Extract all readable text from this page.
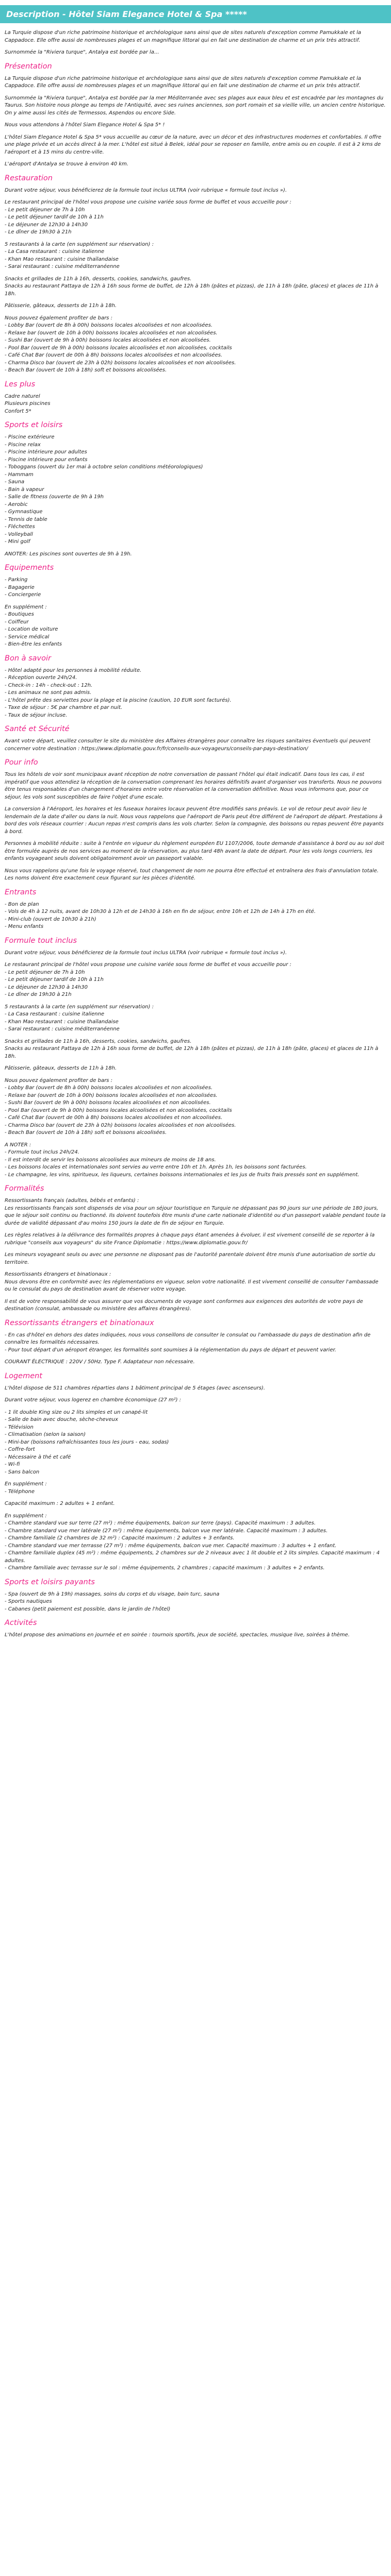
Description - Hôtel Siam Elegance Hotel & Spa *****

La Turquie dispose d'un riche patrimoine historique et archéologique sans ainsi que de sites naturels d'exception comme Pamukkale et la Cappadoce. Elle offre aussi de nombreuses plages et un magnifique littoral qui en fait une destination de charme et un prix très attractif.

Surnommée la "Riviera turque", Antalya est bordée par la...

Présentation

La Turquie dispose d'un riche patrimoine historique et archéologique sans ainsi que de sites naturels d'exception comme Pamukkale et la Cappadoce. Elle offre aussi de nombreuses plages et un magnifique littoral qui en fait une destination de charme et un prix très attractif.

Surnommée la "Riviera turque", Antalya est bordée par la mer Méditerranée avec ses plages aux eaux bleu et est encadrée par les montagnes du Taurus. Son histoire nous plonge au temps de l'Antiquité, avec ses ruines anciennes, son port romain et sa vieille ville, un ancien centre historique. On y aime aussi les cités de Termessos, Aspendos ou encore Side.

Nous vous attendons à l'hôtel Siam Elegance Hotel & Spa 5* !

L'hôtel Siam Elegance Hotel & Spa 5* vous accueille au cœur de la nature, avec un décor et des infrastructures modernes et confortables. Il offre une plage privée et un accès direct à la mer. L'hôtel est situé à Belek, idéal pour se reposer en famille, entre amis ou en couple. Il est à 2 kms de l'aéroport et à 15 mins du centre-ville.

L'aéroport d'Antalya se trouve à environ 40 km.

Restauration

Durant votre séjour, vous bénéficierez de la formule tout inclus ULTRA (voir rubrique « formule tout inclus »).

Le restaurant principal de l'hôtel vous propose une cuisine variée sous forme de buffet et vous accueille pour :
- Le petit déjeuner de 7h à 10h
- Le petit déjeuner tardif de 10h à 11h
- Le déjeuner de 12h30 à 14h30
- Le dîner de 19h30 à 21h

5 restaurants à la carte (en supplément sur réservation) :
- La Casa restaurant : cuisine italienne
- Khan Mao restaurant : cuisine thaïlandaise
- Sarai restaurant : cuisine méditerranéenne

Snacks et grillades de 11h à 16h, desserts, cookies, sandwichs, gaufres.
Snacks au restaurant Pattaya de 12h à 16h sous forme de buffet, de 12h à 18h (pâtes et pizzas), de 11h à 18h (pâte, glaces) et glaces de 11h à 18h.

Pâtisserie, gâteaux, desserts de 11h à 18h.

Nous pouvez également profiter de bars :
- Lobby Bar (ouvert de 8h à 00h) boissons locales alcoolisées et non alcoolisées.
- Relaxe bar (ouvert de 10h à 00h) boissons locales alcoolisées et non alcoolisées.
- Sushi Bar (ouvert de 9h à 00h) boissons locales alcoolisées et non alcoolisées.
- Pool Bar (ouvert de 9h à 00h) boissons locales alcoolisées et non alcoolisées, cocktails
- Café Chat Bar (ouvert de 00h à 8h) boissons locales alcoolisées et non alcoolisées.
- Charma Disco bar (ouvert de 23h à 02h) boissons locales alcoolisées et non alcoolisées.
- Beach Bar (ouvert de 10h à 18h) soft et boissons alcoolisées.

Les plus

Cadre naturel
Plusieurs piscines
Confort 5*

Sports et loisirs

- Piscine extérieure
- Piscine relax
- Piscine intérieure pour adultes
- Piscine intérieure pour enfants
- Toboggans (ouvert du 1er mai à octobre selon conditions météorologiques)
- Hammam
- Sauna
- Bain à vapeur
- Salle de fitness (ouverte de 9h à 19h
- Aerobic
- Gymnastique
- Tennis de table
- Fléchettes
- Volleyball
- Mini golf

ANOTER: Les piscines sont ouvertes de 9h à 19h.

Equipements

- Parking
- Bagagerie
- Conciergerie

En supplément :
- Boutiques
- Coiffeur
- Location de voiture
- Service médical
- Bien-être les enfants

Bon à savoir

- Hôtel adapté pour les personnes à mobilité réduite.
- Réception ouverte 24h/24.
- Check-in : 14h - check-out : 12h.
- Les animaux ne sont pas admis.
- L'hôtel prête des serviettes pour la plage et la piscine (caution, 10 EUR sont facturés).
- Taxe de séjour : 5€ par chambre et par nuit.
- Taux de séjour incluse.

Santé et Sécurité

Avant votre départ, veuillez consulter le site du ministère des Affaires étrangères pour connaître les risques sanitaires éventuels qui peuvent concerner votre destination : https://www.diplomatie.gouv.fr/fr/conseils-aux-voyageurs/conseils-par-pays-destination/

Pour info

Tous les hôtels de voir sont municipaux avant réception de notre conversation de passant l'hôtel qui était indicatif. Dans tous les cas, il est impératif que vous attendiez la réception de la conversation comprenant les horaires définitifs avant d'organiser vos transferts. Nous ne pouvons être tenus responsables d'un changement d'horaires entre votre réservation et la conversation définitive. Nous vous informons que, pour ce séjour, les vols sont susceptibles de faire l'objet d'une escale.

La conversion à l'Aéroport, les horaires et les fuseaux horaires locaux peuvent être modifiés sans préavis. Le vol de retour peut avoir lieu le lendemain de la date d'aller ou dans la nuit. Nous vous rappelons que l'aéroport de Paris peut être différent de l'aéroport de départ. Prestations à bord des vols réseaux courrier : Aucun repas n'est compris dans les vols charter. Selon la compagnie, des boissons ou repas peuvent être payants à bord.

Personnes à mobilité réduite : suite à l'entrée en vigueur du règlement européen EU 1107/2006, toute demande d'assistance à bord ou au sol doit être formulée auprès de nos services au moment de la réservation, au plus tard 48h avant la date de départ. Pour les vols longs courriers, les enfants voyageant seuls doivent obligatoirement avoir un passeport valable.

Nous vous rappelons qu'une fois le voyage réservé, tout changement de nom ne pourra être effectué et entraînera des frais d'annulation totale. Les noms doivent être exactement ceux figurant sur les pièces d'identité.

Entrants

- Bon de plan
- Vols de 4h à 12 nuits, avant de 10h30 à 12h et de 14h30 à 16h en fin de séjour, entre 10h et 12h de 14h à 17h en été.
- Mini-club (ouvert de 10h30 à 21h)
- Menu enfants

Formule tout inclus

Durant votre séjour, vous bénéficierez de la formule tout inclus ULTRA (voir rubrique « formule tout inclus »).

Le restaurant principal de l'hôtel vous propose une cuisine variée sous forme de buffet et vous accueille pour :
- Le petit déjeuner de 7h à 10h
- Le petit déjeuner tardif de 10h à 11h
- Le déjeuner de 12h30 à 14h30
- Le dîner de 19h30 à 21h

5 restaurants à la carte (en supplément sur réservation) :
- La Casa restaurant : cuisine italienne
- Khan Mao restaurant : cuisine thaïlandaise
- Sarai restaurant : cuisine méditerranéenne

Snacks et grillades de 11h à 16h, desserts, cookies, sandwichs, gaufres.
Snacks au restaurant Pattaya de 12h à 16h sous forme de buffet, de 12h à 18h (pâtes et pizzas), de 11h à 18h (pâte, glaces) et glaces de 11h à 18h.

Pâtisserie, gâteaux, desserts de 11h à 18h.

Nous pouvez également profiter de bars :
- Lobby Bar (ouvert de 8h à 00h) boissons locales alcoolisées et non alcoolisées.
- Relaxe bar (ouvert de 10h à 00h) boissons locales alcoolisées et non alcoolisées.
- Sushi Bar (ouvert de 9h à 00h) boissons locales alcoolisées et non alcoolisées.
- Pool Bar (ouvert de 9h à 00h) boissons locales alcoolisées et non alcoolisées, cocktails
- Café Chat Bar (ouvert de 00h à 8h) boissons locales alcoolisées et non alcoolisées.
- Charma Disco bar (ouvert de 23h à 02h) boissons locales alcoolisées et non alcoolisées.
- Beach Bar (ouvert de 10h à 18h) soft et boissons alcoolisées.

A NOTER :
- Formule tout inclus 24h/24.
- Il est interdit de servir les boissons alcoolisées aux mineurs de moins de 18 ans.
- Les boissons locales et internationales sont servies au verre entre 10h et 1h. Après 1h, les boissons sont facturées.
- Le champagne, les vins, spiritueux, les liqueurs, certaines boissons internationales et les jus de fruits frais pressés sont en supplément.

Formalités

Ressortissants français (adultes, bébés et enfants) :
Les ressortissants français sont dispensés de visa pour un séjour touristique en Turquie ne dépassant pas 90 jours sur une période de 180 jours, que le séjour soit continu ou fractionné. Ils doivent toutefois être munis d'une carte nationale d'identité ou d'un passeport valable pendant toute la durée de validité dépassant d'au moins 150 jours la date de fin de séjour en Turquie.

Les règles relatives à la délivrance des formalités propres à chaque pays étant amenées à évoluer, il est vivement conseillé de se reporter à la rubrique "conseils aux voyageurs" du site France Diplomatie : https://www.diplomatie.gouv.fr/

Les mineurs voyageant seuls ou avec une personne ne disposant pas de l'autorité parentale doivent être munis d'une autorisation de sortie du territoire.

Ressortissants étrangers et binationaux :
Nous devons être en conformité avec les réglementations en vigueur, selon votre nationalité. Il est vivement conseillé de consulter l'ambassade ou le consulat du pays de destination avant de réserver votre voyage.

Il est de votre responsabilité de vous assurer que vos documents de voyage sont conformes aux exigences des autorités de votre pays de destination (consulat, ambassade ou ministère des affaires étrangères).

Ressortissants étrangers et binationaux

- En cas d'hôtel en dehors des dates indiquées, nous vous conseillons de consulter le consulat ou l'ambassade du pays de destination afin de connaître les formalités nécessaires.
- Pour tout départ d'un aéroport étranger, les formalités sont soumises à la réglementation du pays de départ et peuvent varier.

COURANT ÉLECTRIQUE : 220V / 50Hz. Type F. Adaptateur non nécessaire.

Logement

L'hôtel dispose de 511 chambres réparties dans 1 bâtiment principal de 5 étages (avec ascenseurs).

Durant votre séjour, vous logerez en chambre économique (27 m²) :

- 1 lit double King size ou 2 lits simples et un canapé-lit
- Salle de bain avec douche, sèche-cheveux
- Télévision
- Climatisation (selon la saison)
- Mini-bar (boissons rafraîchissantes tous les jours - eau, sodas)
- Coffre-fort
- Nécessaire à thé et café
- Wi-fi
- Sans balcon

En supplément :
- Téléphone

Capacité maximum : 2 adultes + 1 enfant.

En supplément :
- Chambre standard vue sur terre (27 m²) : même équipements, balcon sur terre (pays). Capacité maximum : 3 adultes.
- Chambre standard vue mer latérale (27 m²) : même équipements, balcon vue mer latérale. Capacité maximum : 3 adultes.
- Chambre familiale (2 chambres de 32 m²) : Capacité maximum : 2 adultes + 3 enfants.
- Chambre standard vue mer terrasse (27 m²) : même équipements, balcon vue mer. Capacité maximum : 3 adultes + 1 enfant.
- Chambre familiale duplex (45 m²) : même équipements, 2 chambres sur de 2 niveaux avec 1 lit double et 2 lits simples. Capacité maximum : 4 adultes.
- Chambre familiale avec terrasse sur le sol : même équipements, 2 chambres ; capacité maximum : 3 adultes + 2 enfants.

Sports et loisirs payants

- Spa (ouvert de 9h à 19h) massages, soins du corps et du visage, bain turc, sauna
- Sports nautiques
- Cabanes (petit paiement est possible, dans le jardin de l'hôtel)

Activités

L'hôtel propose des animations en journée et en soirée : tournois sportifs, jeux de société, spectacles, musique live, soirées à thème.
